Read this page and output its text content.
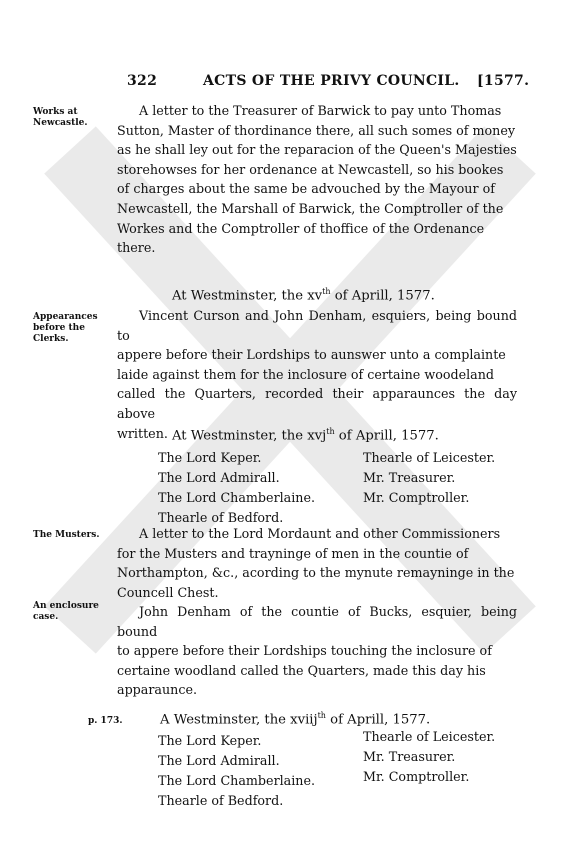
322	ACTS OF THE PRIVY COUNCIL. [1577.
Works at
Newcastle.
Appearances
before the
Clerks.
The Musters.
An enclosure
case.
p. 173.

A letter to the Treasurer of Barwick to pay unto Thomas
Sutton, Master of thordinance there, all such somes of money
as he shall ley out for the reparacion of the Queen's Majesties
storehowses for her ordenance at Newcastell, so his bookes
of charges about the same be advouched by the Mayour of
Newcastell, the Marshall of Barwick, the Comptroller of the
Workes and the Comptroller of thoffice of the Ordenance
there.

At Westminster, the $xv^{th}$ of Aprill, 1577.

Vincent Curson and John Denham, esquiers, being bound to
appere before their Lordships to aunswer unto a complainte
laide against them for the inclosure of certaine woodeland
called the Quarters, recorded their apparaunces the day above
written. At Westminster, the xvj$^{th}$ of Aprill, 1577.
The Lord Keper.
The Lord Admirall.
The Lord Chamberlaine.
Thearle of Bedford.
Thearle of Leicester.
Mr. Treasurer.
Mr. Comptroller.

A letter to the Lord Mordaunt and other Commissioners
for the Musters and trayninge of men in the countie of
Northampton, &c., acording to the mynute remayninge in the
Councell Chest.

John Denham of the countie of Bucks, esquier, being bound
to appere before their Lordships touching the inclosure of
certaine woodland called the Quarters, made this day his
apparaunce.

A Westminster, the xviij$^{th}$ of Aprill, 1577.
The Lord Keper.
The Lord Admirall.
The Lord Chamberlaine.
Thearle of Bedford.
Thearle of Leicester.
Mr. Treasurer.
Mr. Comptroller.
